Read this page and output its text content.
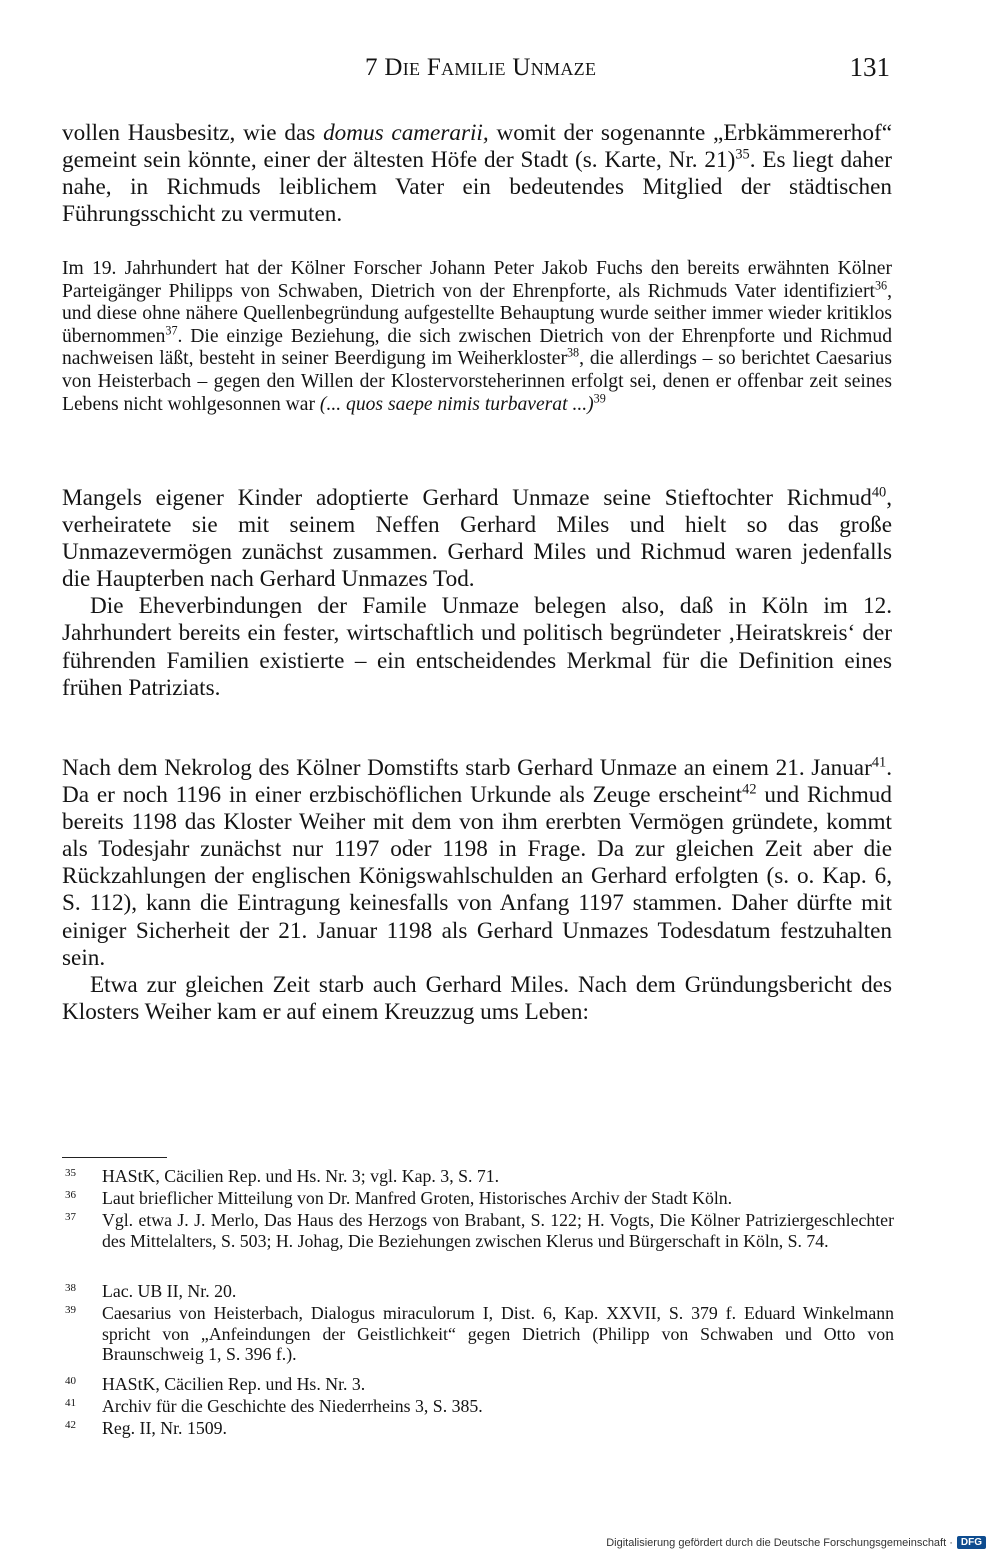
7 Die Familie Unmaze	131

vollen Hausbesitz, wie das domus camerarii, womit der sogenannte „Erbkämmererhof“ gemeint sein könnte, einer der ältesten Höfe der Stadt (s. Karte, Nr. 21)$^{35}$. Es liegt daher nahe, in Richmuds leiblichem Vater ein bedeutendes Mitglied der städtischen Führungsschicht zu vermuten.

Im 19. Jahrhundert hat der Kölner Forscher Johann Peter Jakob Fuchs den bereits erwähnten Kölner Parteigänger Philipps von Schwaben, Dietrich von der Ehrenpforte, als Richmuds Vater identifiziert$^{36}$, und diese ohne nähere Quellenbegründung aufgestellte Behauptung wurde seither immer wieder kritiklos übernommen$^{37}$. Die einzige Beziehung, die sich zwischen Dietrich von der Ehrenpforte und Richmud nachweisen läßt, besteht in seiner Beerdigung im Weiherkloster$^{38}$, die allerdings – so berichtet Caesarius von Heisterbach – gegen den Willen der Klostervorsteherinnen erfolgt sei, denen er offenbar zeit seines Lebens nicht wohlgesonnen war (... quos saepe nimis turbaverat ...)$^{39}$

Mangels eigener Kinder adoptierte Gerhard Unmaze seine Stieftochter Richmud$^{40}$, verheiratete sie mit seinem Neffen Gerhard Miles und hielt so das große Unmazevermögen zunächst zusammen. Gerhard Miles und Richmud waren jedenfalls die Haupterben nach Gerhard Unmazes Tod.

Die Eheverbindungen der Famile Unmaze belegen also, daß in Köln im 12. Jahrhundert bereits ein fester, wirtschaftlich und politisch begründeter ‚Heiratskreis‘ der führenden Familien existierte – ein entscheidendes Merkmal für die Definition eines frühen Patriziats.

Nach dem Nekrolog des Kölner Domstifts starb Gerhard Unmaze an einem 21. Januar$^{41}$. Da er noch 1196 in einer erzbischöflichen Urkunde als Zeuge erscheint$^{42}$ und Richmud bereits 1198 das Kloster Weiher mit dem von ihm ererbten Vermögen gründete, kommt als Todesjahr zunächst nur 1197 oder 1198 in Frage. Da zur gleichen Zeit aber die Rückzahlungen der englischen Königswahlschulden an Gerhard erfolgten (s. o. Kap. 6, S. 112), kann die Eintragung keinesfalls von Anfang 1197 stammen. Daher dürfte mit einiger Sicherheit der 21. Januar 1198 als Gerhard Unmazes Todesdatum festzuhalten sein.

Etwa zur gleichen Zeit starb auch Gerhard Miles. Nach dem Gründungsbericht des Klosters Weiher kam er auf einem Kreuzzug ums Leben:

35 HAStK, Cäcilien Rep. und Hs. Nr. 3; vgl. Kap. 3, S. 71.
36 Laut brieflicher Mitteilung von Dr. Manfred Groten, Historisches Archiv der Stadt Köln.
37 Vgl. etwa J. J. Merlo, Das Haus des Herzogs von Brabant, S. 122; H. Vogts, Die Kölner Patriziergeschlechter des Mittelalters, S. 503; H. Johag, Die Beziehungen zwischen Klerus und Bürgerschaft in Köln, S. 74.
38 Lac. UB II, Nr. 20.
39 Caesarius von Heisterbach, Dialogus miraculorum I, Dist. 6, Kap. XXVII, S. 379 f. Eduard Winkelmann spricht von „Anfeindungen der Geistlichkeit“ gegen Dietrich (Philipp von Schwaben und Otto von Braunschweig 1, S. 396 f.).
40 HAStK, Cäcilien Rep. und Hs. Nr. 3.
41 Archiv für die Geschichte des Niederrheins 3, S. 385.
42 Reg. II, Nr. 1509.
Digitalisierung gefördert durch die Deutsche Forschungsgemeinschaft · DFG
